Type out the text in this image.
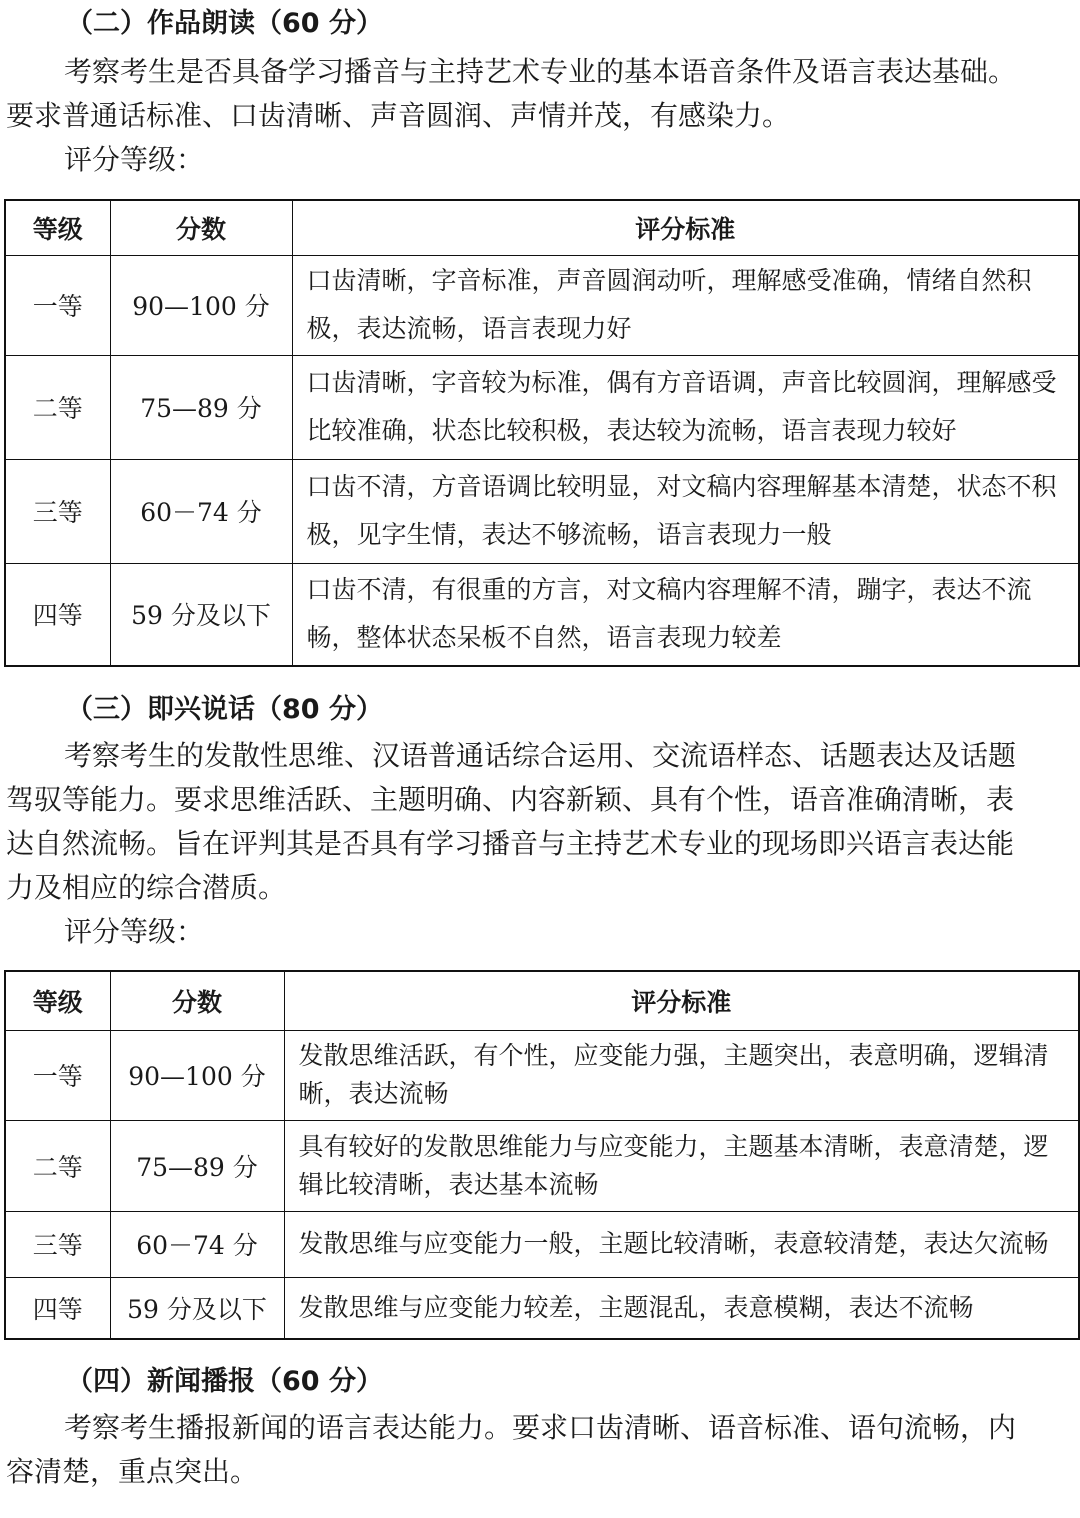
（二）作品朗读（60 分）

考察考生是否具备学习播音与主持艺术专业的基本语音条件及语言表达基础。要求普通话标准、口齿清晰、声音圆润、声情并茂，有感染力。

评分等级：
等级	分数	评分标准
一等	90—100 分	口齿清晰，字音标准，声音圆润动听，理解感受准确，情绪自然积极，表达流畅，语言表现力好
二等	75—89 分	口齿清晰，字音较为标准，偶有方音语调，声音比较圆润，理解感受比较准确，状态比较积极，表达较为流畅，语言表现力较好
三等	60－74 分	口齿不清，方音语调比较明显，对文稿内容理解基本清楚，状态不积极，见字生情，表达不够流畅，语言表现力一般
四等	59 分及以下	口齿不清，有很重的方言，对文稿内容理解不清，蹦字，表达不流畅，整体状态呆板不自然，语言表现力较差
（三）即兴说话（80 分）

考察考生的发散性思维、汉语普通话综合运用、交流语样态、话题表达及话题驾驭等能力。要求思维活跃、主题明确、内容新颖、具有个性，语音准确清晰，表达自然流畅。旨在评判其是否具有学习播音与主持艺术专业的现场即兴语言表达能力及相应的综合潜质。

评分等级：
等级	分数	评分标准
一等	90—100 分	发散思维活跃，有个性，应变能力强，主题突出，表意明确，逻辑清晰，表达流畅
二等	75—89 分	具有较好的发散思维能力与应变能力，主题基本清晰，表意清楚，逻辑比较清晰，表达基本流畅
三等	60－74 分	发散思维与应变能力一般，主题比较清晰，表意较清楚，表达欠流畅
四等	59 分及以下	发散思维与应变能力较差，主题混乱，表意模糊，表达不流畅
（四）新闻播报（60 分）

考察考生播报新闻的语言表达能力。要求口齿清晰、语音标准、语句流畅，内容清楚，重点突出。
